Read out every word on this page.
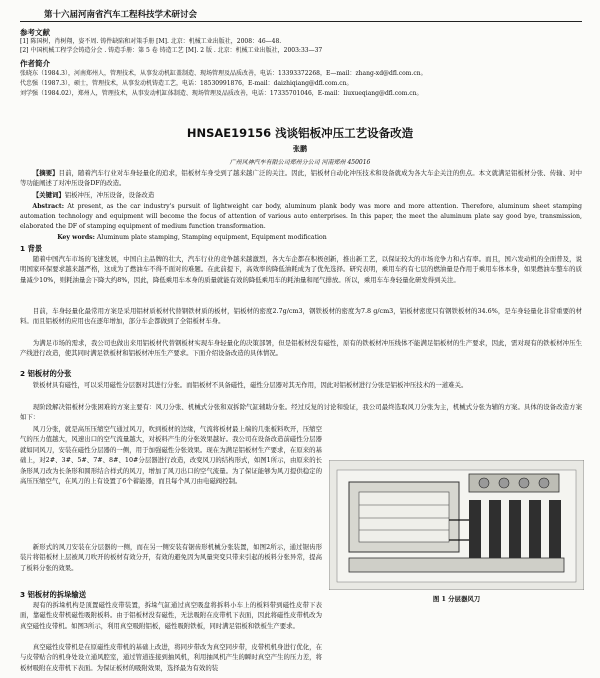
第十六届河南省汽车工程科技学术研讨会
参考文献
[1] 陈国树，肖树翔，姿不周. 铸件缺陷和对策手册 [M]. 北京：机械工业出版社，2008：46—48.
[2] 中国机械工程学会铸造分会 . 铸造手册：第 5 卷 铸造工艺 [M]. 2 版 . 北京：机械工业出版社，2003:33—37
作者简介
张晓东（1984.3），河南郑州人，管理技术，从事发动机缸盖制造、现场管理及品质改善，电话：13393372268，E—mail：zhang-xd@dfl.com.cn。
代忠强（1987.3），硕士，管理技术，从事发动机铸造工艺，电话：18530991876，E-mail：daizhiqiang@dfl.com.cn。
刘学强（1984.02），郑州人，管理技术，从事发动机缸体制造、现场管理及品质改善，电话：17335701046，E-mail：liuxueqiang@dfl.com.cn。
HNSAE19156 浅谈铝板冲压工艺设备改造
张鹏
广州风神汽车有限公司郑州分公司 河南郑州 450016
【摘要】目前，随着汽车行业对车身轻量化的追求，铝板材车身受到了越来越广泛的关注。因此，铝板材自动化冲压技术和设备就成为各大车企关注的焦点。本文就满足铝板材分张、传输、对中等功能阐述了对冲压设备DF的改造。
【关键词】铝板冲压，冲压设备，设备改造
Abstract: At present, as the car industry's pursuit of lightweight car body, aluminum plank body was more and more attention. Therefore, aluminum sheet stamping automation technology and equipment will become the focus of attention of various auto enterprises. In this paper, the meet the aluminum plate say good bye, transmission, elaborated the DF of stamping equipment of medium function transformation.
Key words: Aluminum plate stamping, Stamping equipment, Equipment modification
1 背景
随着中国汽车市场的飞速发展，中国自主品牌的壮大，汽车行业的竞争越来越激烈，各大车企都在积极创新，推出新工艺，以保证较大的市场竞争力和占有率。而且，国六发动机的全面普及，说明国家环保要求越来越严格，这成为了燃油车不得不面对的难题。在此前提下，高效率的降低油耗成为了优先选择。研究表明，乘用车约有七层的燃油量是作用于乘用车体本身，如果燃油车整车的质量减少10%，则耗油量会下降大约8%，因此，降低乘用车本身的质量就能有效的降低乘用车的耗油量和尾气排放。所以，乘用车车身轻量化研发得到关注。
目前，车身轻量化最常用方案是采用铝材质板材代替钢铁材质的板材，铝板材的密度2.7g/cm3，钢铁板材的密度为7.8 g/cm3，铝板材密度只有钢铁板材的34.6%，是车身轻量化非常重要的材料。而且铝板材的应用也在逐年增加，部分车企都做到了全铝板材车身。
为满足市场的需求，我公司也做出来用铝板材代替钢板材实现车身轻量化的决策部署，但是铝板材没有磁性，原有的铁板材冲压线体不能满足铝板材的生产要求，因此，需对现有的铁板材冲压生产线进行改造，使其同时满足铁板材和铝板材冲压生产要求。下面介绍设备改造的具体情况。
2 铝板材的分张
铁板材具有磁性，可以采用磁性分层器对其进行分张。而铝板材不具备磁性，磁性分层器对其无作用，因此对铝板材进行分张是铝板冲压技术的一道难关。
现阶段解决铝板材分张困难的方案主要有：风刀分张、机械式分张和双拆除气缸辅助分张。经过反复的讨论和验证，我公司最终选取风刀分张为主，机械式分张为辅的方案。具体的设备改造方案如下：
风刀分张，就是高压压缩空气通过风刀，吹到板材的边缘，气流将板材最上端的几张板料吹开，压缩空气的压力值越大，风速出口的空气流量越大，对板料产生的分张效果越好。我公司在设备改造前磁性分层器就如同风刀，安装在磁性分层器的一侧，用于加强磁性分张效果。现在为满足铝板材生产要求，在原来的基础上，对2#、3#、5#、7#、8#、10#分层器进行改造，改变风刀的结构形式，如图1所示，由原来的长条形风刀改为长条形和圆形结合样式的风刀，增加了风刀出口的空气流量。为了保证能够为风刀提供稳定的高压压缩空气，在风刀的上有设置了6个蓄能器，而且每个风刀由电磁阀控制。
新形式的风刀安装在分层器的一侧，而在另一侧安装有锯齿形机械分张装置，如图2所示，通过锯齿形装片将铝板材上层被风刀吹开的板材有效分开，有效的避免因为风量突变只带来引起的板料分张异常，提高了板料分张的效果。
3 铝板材的拆垛输送
现有的拆垛机构是顶置磁性皮带装置，拆垛气缸通过真空吸盘将拆料小车上的板料带到磁性皮带下表面，靠磁性皮带机磁性吸附板料。由于铝板材没有磁性，无法吸附在皮带机下表面，因此将磁性皮带机改为真空磁性皮带机。如图3所示，利用真空吸附铝板，磁性吸附铁板，同时满足铝板和铁板生产要求。
真空磁性皮带机是在原磁性皮带机的基础上改进，将同步带改为真空同步带，皮带机机身进行优化，在与皮带贴合的机身处设立通风腔室，通过管道连接到抽风机，利用抽风机产生的瞬时真空产生的压力差，将板材吸附在皮带机下表面。为保证板材的吸附效果，选择最为有效的装
图 1 分层器风刀
